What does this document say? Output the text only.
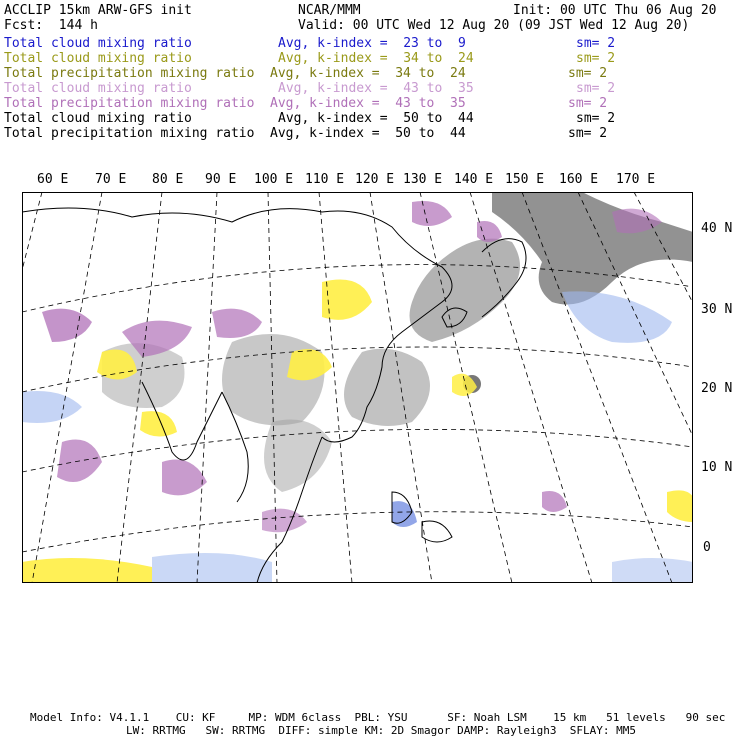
ACCLIP 15km ARW-GFS init	NCAR/MMM	Init: 00 UTC Thu 06 Aug 20
Fcst:  144 h	Valid: 00 UTC Wed 12 Aug 20 (09 JST Wed 12 Aug 20)
Total cloud mixing ratio	Avg, k-index =  23 to  9	sm= 2
Total cloud mixing ratio	Avg, k-index =  34 to  24	sm= 2
Total precipitation mixing ratio Avg, k-index =  34 to  24	sm= 2
Total cloud mixing ratio	Avg, k-index =  43 to  35	sm= 2
Total precipitation mixing ratio Avg, k-index =  43 to  35	sm= 2
Total cloud mixing ratio	Avg, k-index =  50 to  44	sm= 2
Total precipitation mixing ratio Avg, k-index =  50 to  44	sm= 2
60 E 70 E 80 E 90 E 100 E 110 E 120 E 130 E 140 E 150 E 160 E 170 E
40 N
30 N
20 N
10 N
0
Model Info: V4.1.1    CU: KF     MP: WDM 6class  PBL: YSU      SF: Noah LSM    15 km   51 levels   90 sec
LW: RRTMG   SW: RRTMG  DIFF: simple KM: 2D Smagor DAMP: Rayleigh3  SFLAY: MM5
